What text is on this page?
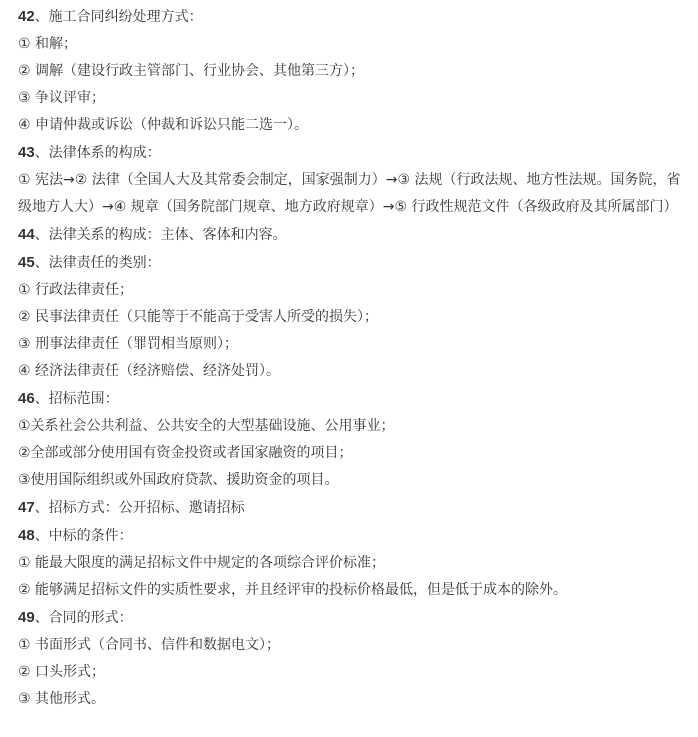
42、施工合同纠纷处理方式：
① 和解；
② 调解（建设行政主管部门、行业协会、其他第三方）；
③ 争议评审；
④ 申请仲裁或诉讼（仲裁和诉讼只能二选一）。
43、法律体系的构成：
① 宪法→② 法律（全国人大及其常委会制定，国家强制力）→③ 法规（行政法规、地方性法规。国务院，省级地方人大）→④ 规章（国务院部门规章、地方政府规章）→⑤ 行政性规范文件（各级政府及其所属部门）
44、法律关系的构成：主体、客体和内容。
45、法律责任的类别：
① 行政法律责任；
② 民事法律责任（只能等于不能高于受害人所受的损失）；
③ 刑事法律责任（罪罚相当原则）；
④ 经济法律责任（经济赔偿、经济处罚）。
46、招标范围：
①关系社会公共利益、公共安全的大型基础设施、公用事业；
②全部或部分使用国有资金投资或者国家融资的项目；
③使用国际组织或外国政府贷款、援助资金的项目。
47、招标方式：公开招标、邀请招标
48、中标的条件：
① 能最大限度的满足招标文件中规定的各项综合评价标准；
② 能够满足招标文件的实质性要求，并且经评审的投标价格最低，但是低于成本的除外。
49、合同的形式：
① 书面形式（合同书、信件和数据电文）；
② 口头形式；
③ 其他形式。
